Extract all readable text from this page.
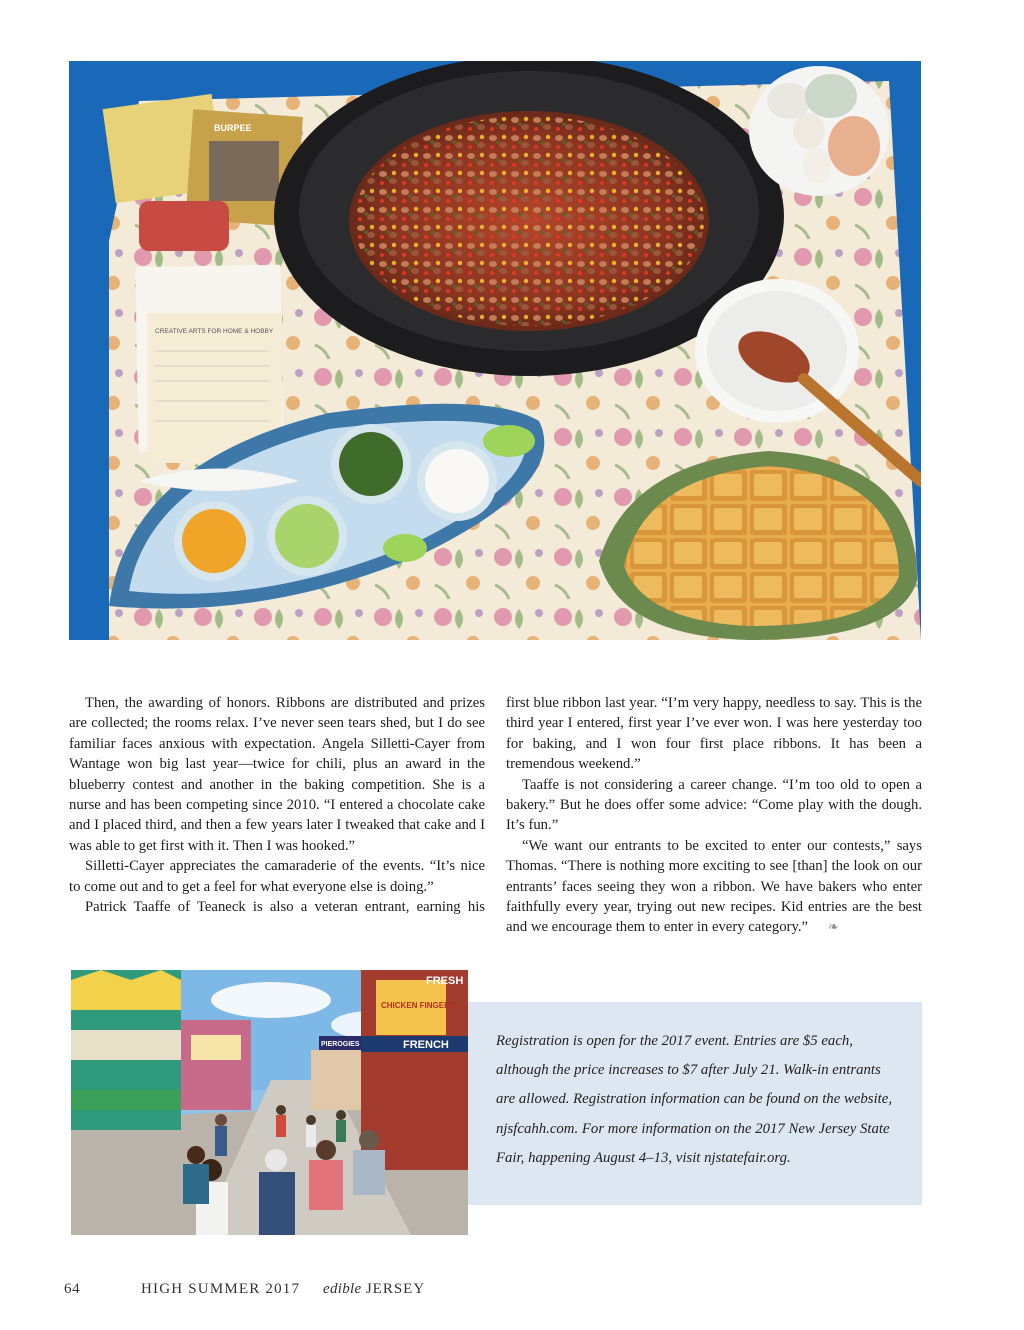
BURPEE
CREATIVE ARTS FOR HOME & HOBBY

Then, the awarding of honors. Ribbons are distributed and prizes are collected; the rooms relax. I’ve never seen tears shed, but I do see familiar faces anxious with expectation. Angela Silletti-Cayer from Wantage won big last year—twice for chili, plus an award in the blueberry contest and another in the baking competition. She is a nurse and has been competing since 2010. “I entered a chocolate cake and I placed third, and then a few years later I tweaked that cake and I was able to get first with it. Then I was hooked.”

Silletti-Cayer appreciates the camaraderie of the events. “It’s nice to come out and to get a feel for what everyone else is doing.”

Patrick Taaffe of Teaneck is also a veteran entrant, earning his

first blue ribbon last year. “I’m very happy, needless to say. This is the third year I entered, first year I’ve ever won. I was here yesterday too for baking, and I won four first place ribbons. It has been a tremendous weekend.”

Taaffe is not considering a career change. “I’m too old to open a bakery.” But he does offer some advice: “Come play with the dough. It’s fun.”

“We want our entrants to be excited to enter our contests,” says Thomas. “There is nothing more exciting to see [than] the look on our entrants’ faces seeing they won a ribbon. We have bakers who enter faithfully every year, trying out new recipes. Kid entries are the best and we encourage them to enter in every category.” ❧

CHICKEN FINGERS
FRESH
FRENCH
PIEROGIES	Registration is open for the 2017 event. Entries are $5 each, although the price increases to $7 after July 21. Walk-in entrants are allowed. Registration information can be found on the website, njsfcahh.com. For more information on the 2017 New Jersey State Fair, happening August 4–13, visit njstatefair.org.

64	HIGH SUMMER 2017 edible JERSEY
